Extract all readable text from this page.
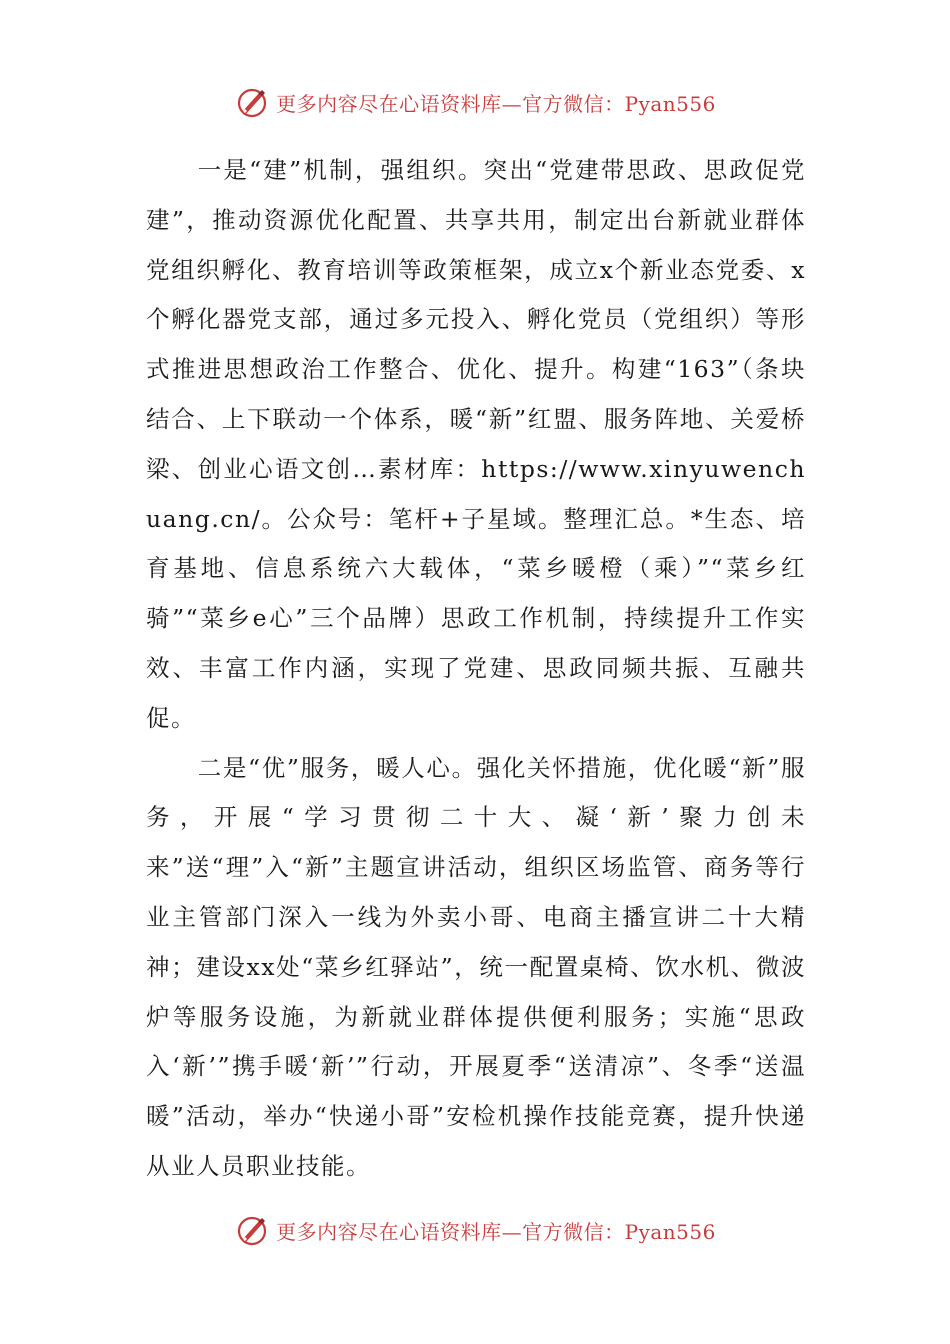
更多内容尽在心语资料库—官方微信：Pyan556

一是“建”机制，强组织。突出“党建带思政、思政促党建”，推动资源优化配置、共享共用，制定出台新就业群体党组织孵化、教育培训等政策框架，成立x个新业态党委、x个孵化器党支部，通过多元投入、孵化党员（党组织）等形式推进思想政治工作整合、优化、提升。构建“163”（条块结合、上下联动一个体系，暖“新”红盟、服务阵地、关爱桥梁、创业心语文创…素材库：https://www.xinyuwenchuang.cn/。公众号：笔杆+子星域。整理汇总。*生态、培育基地、信息系统六大载体，“菜乡暖橙（乘）”“菜乡红骑”“菜乡e心”三个品牌）思政工作机制，持续提升工作实效、丰富工作内涵，实现了党建、思政同频共振、互融共促。

二是“优”服务，暖人心。强化关怀措施，优化暖“新”服务，开展“学习贯彻二十大、凝‘新’聚力创未来”送“理”入“新”主题宣讲活动，组织区场监管、商务等行业主管部门深入一线为外卖小哥、电商主播宣讲二十大精神；建设xx处“菜乡红驿站”，统一配置桌椅、饮水机、微波炉等服务设施，为新就业群体提供便利服务；实施“思政入‘新’”携手暖‘新’”行动，开展夏季“送清凉”、冬季“送温暖”活动，举办“快递小哥”安检机操作技能竞赛，提升快递从业人员职业技能。

更多内容尽在心语资料库—官方微信：Pyan556
